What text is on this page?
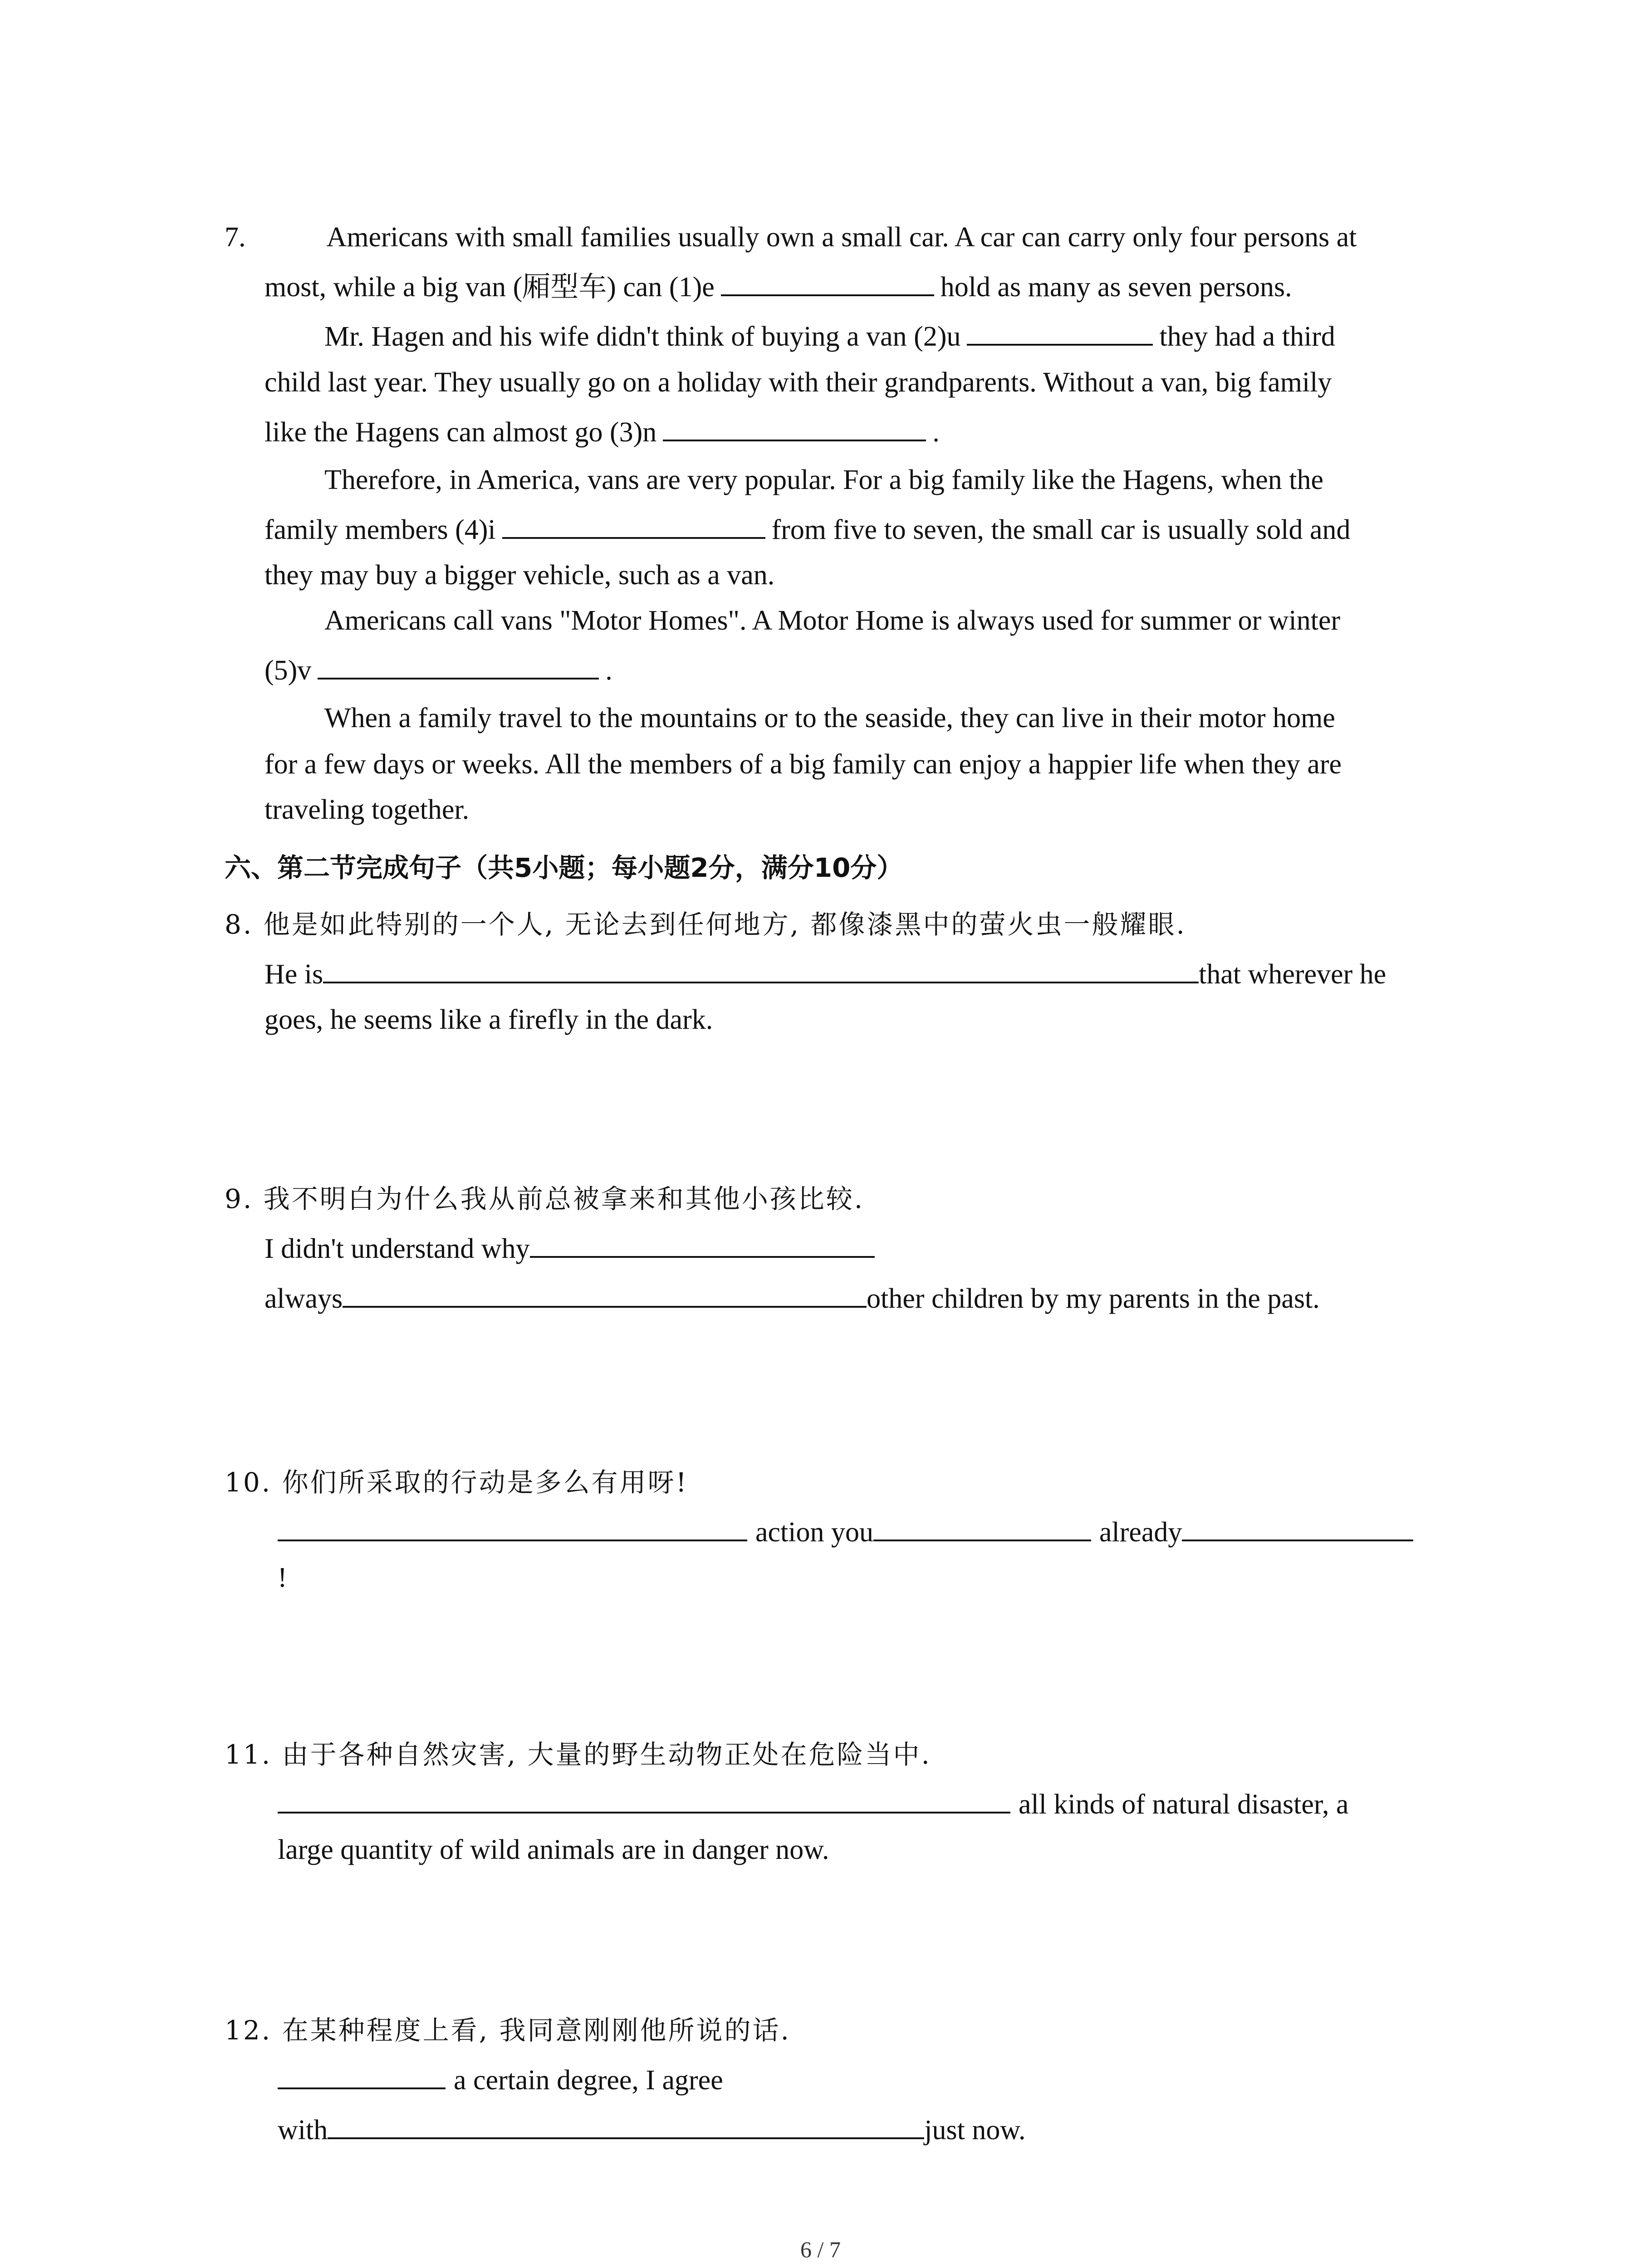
7.	Americans with small families usually own a small car. A car can carry only four persons at
most, while a big van (厢型车) can (1)e	hold as many as seven persons.
Mr. Hagen and his wife didn't think of buying a van (2)u	they had a third
child last year. They usually go on a holiday with their grandparents. Without a van, big family
like the Hagens can almost go (3)n	.
Therefore, in America, vans are very popular. For a big family like the Hagens, when the
family members (4)i	from five to seven, the small car is usually sold and
they may buy a bigger vehicle, such as a van.
Americans call vans "Motor Homes". A Motor Home is always used for summer or winter
(5)v	.
When a family travel to the mountains or to the seaside, they can live in their motor home
for a few days or weeks. All the members of a big family can enjoy a happier life when they are
traveling together.
六、第二节完成句子（共5小题；每小题2分，满分10分）
8. 他是如此特别的一个人, 无论去到任何地方, 都像漆黑中的萤火虫一般耀眼.
He is	that wherever he
goes, he seems like a firefly in the dark.
9. 我不明白为什么我从前总被拿来和其他小孩比较.
I didn't understand why
always	other children by my parents in the past.
10. 你们所采取的行动是多么有用呀!
action you	already
!
11. 由于各种自然灾害, 大量的野生动物正处在危险当中.
all kinds of natural disaster, a
large quantity of wild animals are in danger now.
12. 在某种程度上看, 我同意刚刚他所说的话.
a certain degree, I agree
with	just now.
6 / 7
